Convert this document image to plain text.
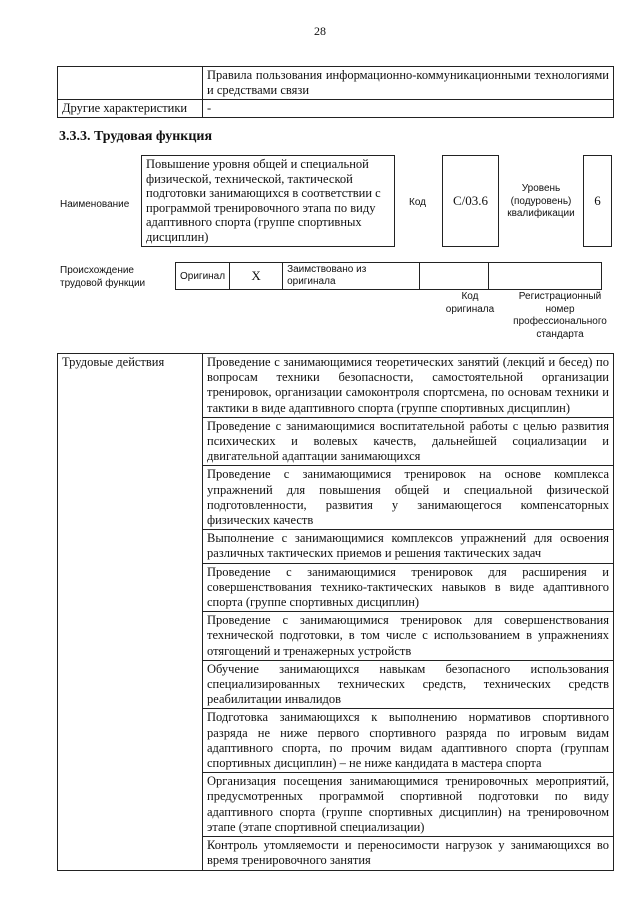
28
	Правила пользования информационно-коммуникационными технологиями и средствами связи
Другие характеристики	-
3.3.3. Трудовая функция
Наименование
Повышение уровня общей и специальной физической, технической, тактической подготовки занимающихся в соответствии с программой тренировочного этапа по виду адаптивного спорта (группе спортивных дисциплин)
Код С/03.6
Уровень (подуровень) квалификации
6
Происхождение трудовой функции
Оригинал	X	Заимствовано из оригинала		
Код оригинала
Регистрационный номер профессионального стандарта
Трудовые действия	Проведение с занимающимися теоретических занятий (лекций и бесед) по вопросам техники безопасности, самостоятельной организации тренировок, организации самоконтроля спортсмена, по основам техники и тактики в виде адаптивного спорта (группе спортивных дисциплин)
Проведение с занимающимися воспитательной работы с целью развития психических и волевых качеств, дальнейшей социализации и двигательной адаптации занимающихся
Проведение с занимающимися тренировок на основе комплекса упражнений для повышения общей и специальной физической подготовленности, развития у занимающегося компенсаторных физических качеств
Выполнение с занимающимися комплексов упражнений для освоения различных тактических приемов и решения тактических задач
Проведение с занимающимися тренировок для расширения и совершенствования технико-тактических навыков в виде адаптивного спорта (группе спортивных дисциплин)
Проведение с занимающимися тренировок для совершенствования технической подготовки, в том числе с использованием в упражнениях отягощений и тренажерных устройств
Обучение занимающихся навыкам безопасного использования специализированных технических средств, технических средств реабилитации инвалидов
Подготовка занимающихся к выполнению нормативов спортивного разряда не ниже первого спортивного разряда по игровым видам адаптивного спорта, по прочим видам адаптивного спорта (группам спортивных дисциплин) – не ниже кандидата в мастера спорта
Организация посещения занимающимися тренировочных мероприятий, предусмотренных программой спортивной подготовки по виду адаптивного спорта (группе спортивных дисциплин) на тренировочном этапе (этапе спортивной специализации)
Контроль утомляемости и переносимости нагрузок у занимающихся во время тренировочного занятия
